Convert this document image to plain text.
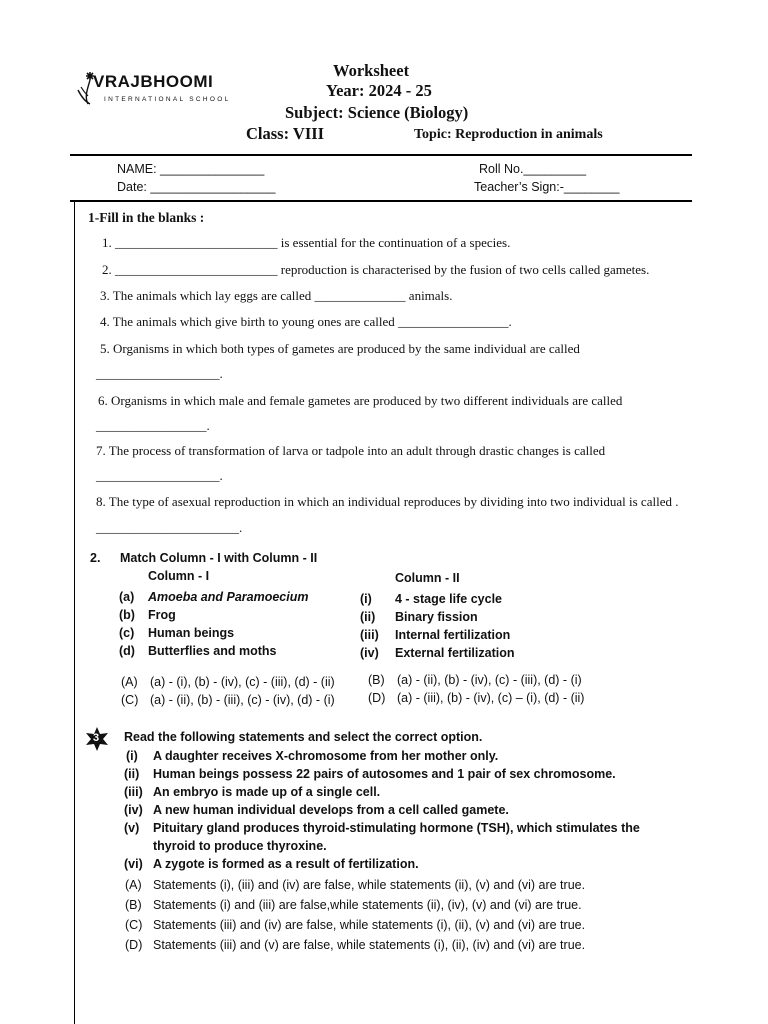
VRAJBHOOMI
INTERNATIONAL SCHOOL
Worksheet
Year: 2024 - 25
Subject: Science (Biology)
Class: VIII	Topic: Reproduction in animals
NAME: _______________
Date: __________________
Roll No._________
Teacher’s Sign:-________
1-Fill in the blanks :
1. _________________________ is essential for the continuation of a species.
2. _________________________ reproduction is characterised by the fusion of two cells called gametes.
3. The animals which lay eggs are called ______________ animals.
4. The animals which give birth to young ones are called _________________.
5. Organisms in which both types of gametes are produced by the same individual are called
___________________.
6. Organisms in which male and female gametes are produced by two different individuals are called
_________________.
7. The process of transformation of larva or tadpole into an adult through drastic changes is called
___________________.
8. The type of asexual reproduction in which an individual reproduces by dividing into two individual is called .
______________________.
2. Match Column - I with Column - II
Column - I	Column - II
(a) Amoeba and Paramoecium
(b) Frog
(c) Human beings
(d) Butterflies and moths
(i) 4 - stage life cycle
(ii) Binary fission
(iii) Internal fertilization
(iv) External fertilization
(A) (a) - (i), (b) - (iv), (c) - (iii), (d) - (ii)
(C) (a) - (ii), (b) - (iii), (c) - (iv), (d) - (i)
(B) (a) - (ii), (b) - (iv), (c) - (iii), (d) - (i)
(D) (a) - (iii), (b) - (iv), (c) – (i), (d) - (ii)
3 Read the following statements and select the correct option.
(i) A daughter receives X-chromosome from her mother only.
(ii) Human beings possess 22 pairs of autosomes and 1 pair of sex chromosome.
(iii) An embryo is made up of a single cell.
(iv) A new human individual develops from a cell called gamete.
(v) Pituitary gland produces thyroid-stimulating hormone (TSH), which stimulates the
thyroid to produce thyroxine.
(vi) A zygote is formed as a result of fertilization.
(A) Statements (i), (iii) and (iv) are false, while statements (ii), (v) and (vi) are true.
(B) Statements (i) and (iii) are false,while statements (ii), (iv), (v) and (vi) are true.
(C) Statements (iii) and (iv) are false, while statements (i), (ii), (v) and (vi) are true.
(D) Statements (iii) and (v) are false, while statements (i), (ii), (iv) and (vi) are true.
